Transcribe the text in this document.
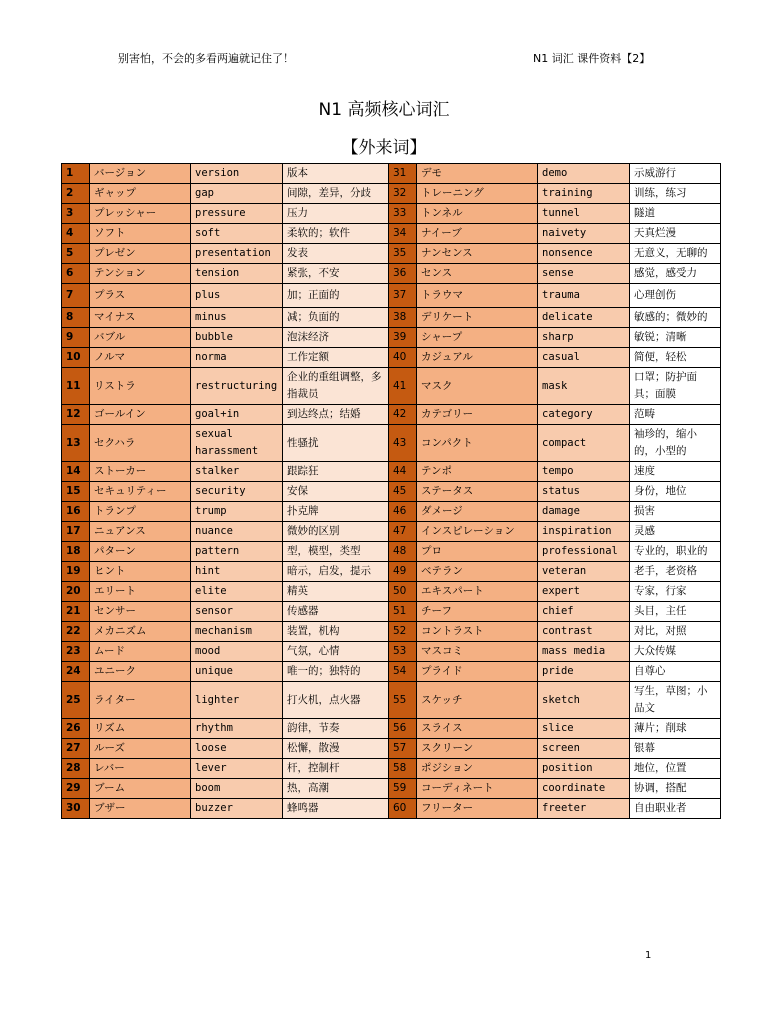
别害怕，不会的多看两遍就记住了！	N1 词汇 课件资料【2】
N1 高频核心词汇
【外来词】
1	バージョン	version	版本	31	デモ	demo	示威游行
2	ギャップ	gap	间隙，差异，分歧	32	トレーニング	training	训练，练习
3	プレッシャー	pressure	压力	33	トンネル	tunnel	隧道
4	ソフト	soft	柔软的；软件	34	ナイーブ	naivety	天真烂漫
5	プレゼン	presentation	发表	35	ナンセンス	nonsence	无意义，无聊的
6	テンション	tension	紧张，不安	36	センス	sense	感觉，感受力
7	プラス	plus	加；正面的	37	トラウマ	trauma	心理创伤
8	マイナス	minus	减；负面的	38	デリケート	delicate	敏感的；微妙的
9	バブル	bubble	泡沫经济	39	シャープ	sharp	敏锐；清晰
10	ノルマ	norma	工作定额	40	カジュアル	casual	简便，轻松
11	リストラ	restructuring	企业的重组调整，多指裁员	41	マスク	mask	口罩；防护面具；面膜
12	ゴールイン	goal+in	到达终点；结婚	42	カテゴリー	category	范畴
13	セクハラ	sexual harassment	性骚扰	43	コンパクト	compact	袖珍的，缩小的，小型的
14	ストーカー	stalker	跟踪狂	44	テンポ	tempo	速度
15	セキュリティー	security	安保	45	ステータス	status	身份，地位
16	トランプ	trump	扑克牌	46	ダメージ	damage	损害
17	ニュアンス	nuance	微妙的区别	47	インスピレーション	inspiration	灵感
18	パターン	pattern	型，模型，类型	48	プロ	professional	专业的，职业的
19	ヒント	hint	暗示，启发，提示	49	ベテラン	veteran	老手，老资格
20	エリート	elite	精英	50	エキスパート	expert	专家，行家
21	センサー	sensor	传感器	51	チーフ	chief	头目，主任
22	メカニズム	mechanism	装置，机构	52	コントラスト	contrast	对比，对照
23	ムード	mood	气氛，心情	53	マスコミ	mass media	大众传媒
24	ユニーク	unique	唯一的；独特的	54	プライド	pride	自尊心
25	ライター	lighter	打火机，点火器	55	スケッチ	sketch	写生，草图；小品文
26	リズム	rhythm	韵律，节奏	56	スライス	slice	薄片；削球
27	ルーズ	loose	松懈，散漫	57	スクリーン	screen	银幕
28	レバー	lever	杆，控制杆	58	ポジション	position	地位，位置
29	ブーム	boom	热，高潮	59	コーディネート	coordinate	协调，搭配
30	ブザー	buzzer	蜂鸣器	60	フリーター	freeter	自由职业者
1
